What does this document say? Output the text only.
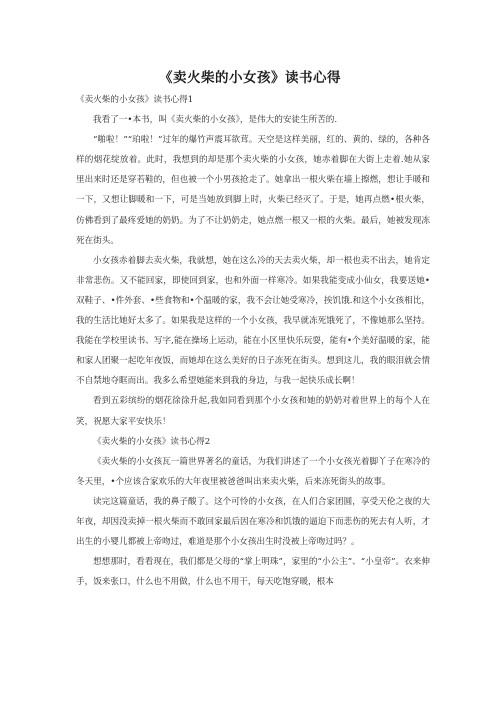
《卖火柴的小女孩》读书心得

《卖火柴的小女孩》读书心得1

我看了一•本书，叫《卖火柴的小女孩》，是伟大的安徒生所苦的.

“啪啦！”“珀啦！”过年的爆竹声震耳欲茸。天空是这样美丽，红的、黄的、绿的，各种各样的烟花绽放着。此时，我想到的却是那个卖火柴的小女孩，她赤着脚在大街上走着.她从家里出来时还是穿若鞋的，但也被一个小男孩抢走了。她拿出一根火柴在墙上擦燃，想让手暖和一下，又想让脚暖和一下，可是当她放到脚上时，火柴已经灭了。于是，她再点燃•根火柴，仿佛看到了最疼爱她的奶奶。为了不让奶奶走，她点燃一根又一根的火柴。最后，她被发现冻死在街头。

小女孩赤着脚去卖火柴，我就想，她在这么冷的天去卖火柴，却一根也卖不出去，她肯定非常悲伤。又不能回家，即使回到家，也和外面一样寒冷。如果我能变成小仙女，我要送她•双鞋子、•件外套、•些食物和•个温暖的家，我不会让她受寒冷，挨饥饿.和这个小女孩相比，我的生活比她好太多了。如果我是这样的一个小女孩，我早就冻死饿死了，不像她那么坚持。我能在学校里读书、写字,能在操场上运动，能在小区里快乐玩耍，能有•个美好温暖的家，能和家人团聚一起吃年夜饭，而她却在这么美好的日子冻死在街头。想到这儿，我的眼泪就会情不自禁地夺眶而出。我多么希望她能来到我的身边，与我一起快乐成长啊！

看到五彩缤纷的烟花徐徐升起,我如同看到那个小女孩和她的奶奶对着世界上的每个人在笑，祝愿大家平安快乐！

《卖火柴的小女孩》读书心得2

《卖火柴的小女孩瓦一篇世界著名的童话，为我们讲述了一个小女孩光着脚丫子在寒冷的冬天里，•个应该合家欢乐的大年夜里被爸爸叫出来卖火柴，后来冻死街头的故事。

读完这篇童话，我的鼻子酸了。这个可怜的小女孩，在人们合家团圆，享受天伦之夜的大年夜，却因没卖掉一根火柴而不敢回家最后因在寒冷和饥饿的逼迫下而悲伤的死去有人听，才出生的小婴儿都被上帝吻过，难道是那个小女孩出生时没被上帝吻过吗？。

想想那时，看看现在，我们都是父母的“掌上明珠”，家里的“小公主”、“小皇帝”。衣来伸手，饭来张口，什么也不用做，什么也不用干，每天吃饱穿暖，根本
